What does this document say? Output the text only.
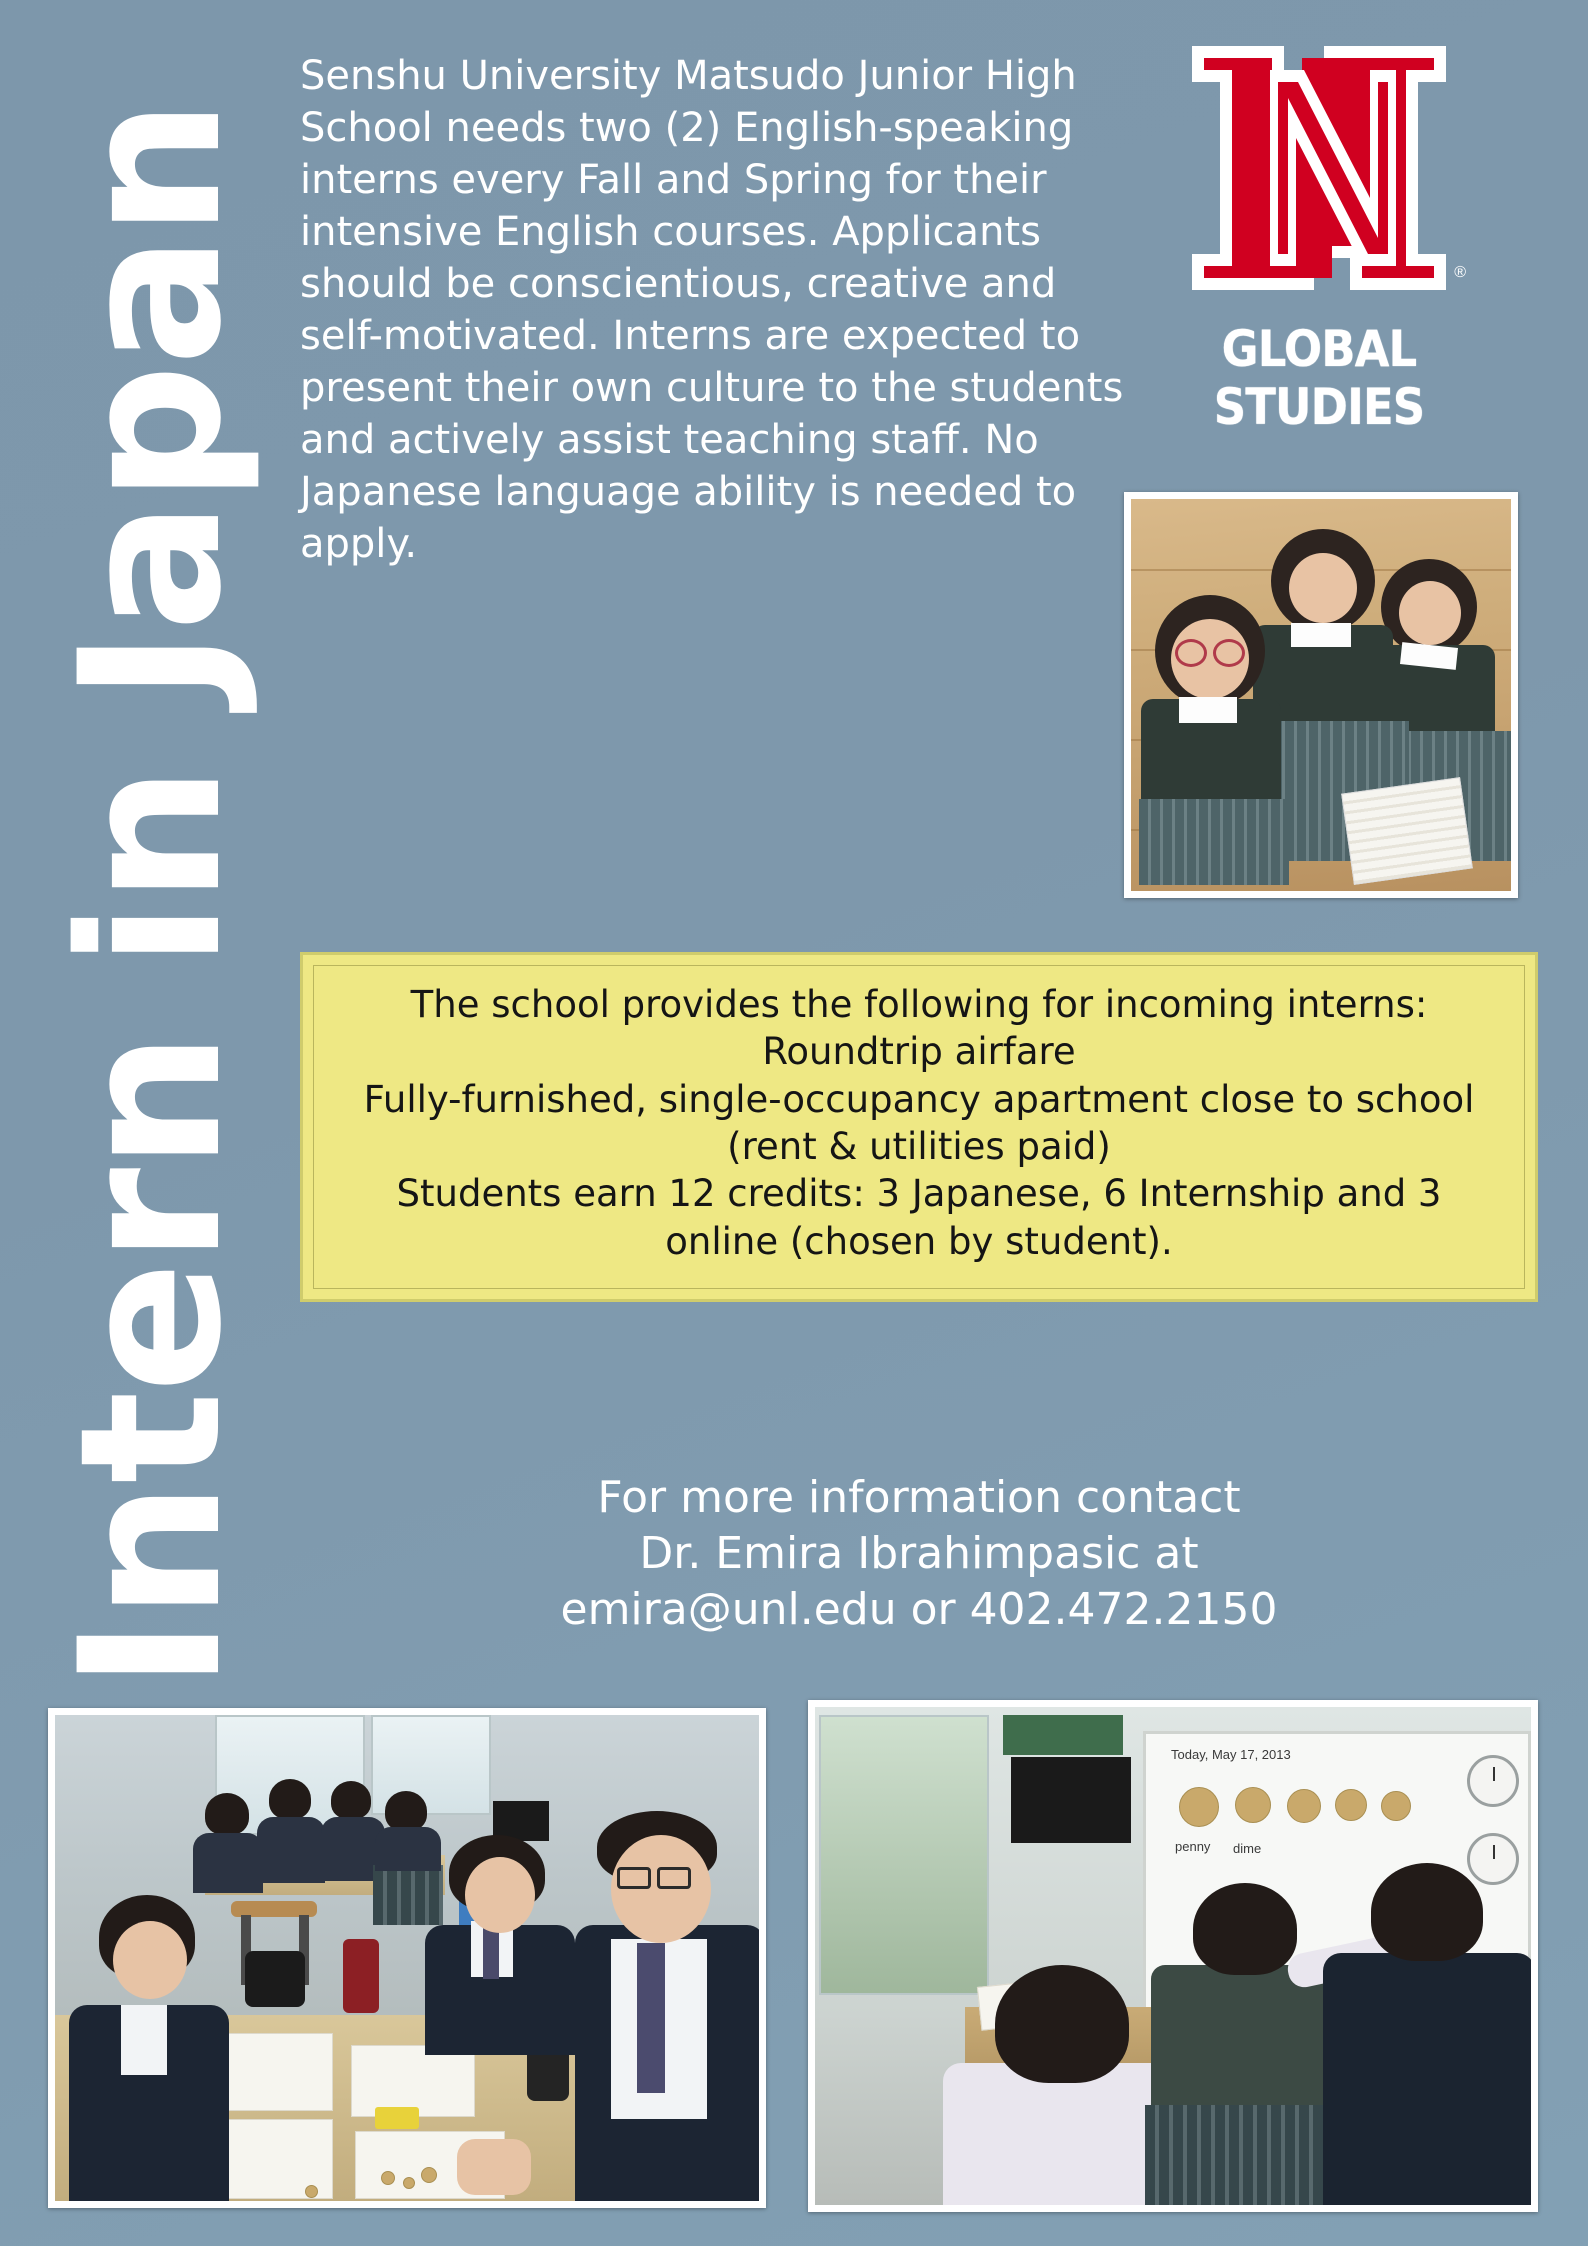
Intern in Japan
Senshu University Matsudo Junior High School needs two (2) English-speaking interns every Fall and Spring for their intensive English courses. Applicants should be conscientious, creative and self-motivated. Interns are expected to present their own culture to the students and actively assist teaching staff. No Japanese language ability is needed to apply.
®
GLOBAL STUDIES
The school provides the following for incoming interns:
Roundtrip airfare
Fully-furnished, single-occupancy apartment close to school (rent & utilities paid)
Students earn 12 credits: 3 Japanese, 6 Internship and 3 online (chosen by student).
For more information contact
Dr. Emira Ibrahimpasic at
emira@unl.edu or 402.472.2150
Today, May 17, 2013
penny dime
